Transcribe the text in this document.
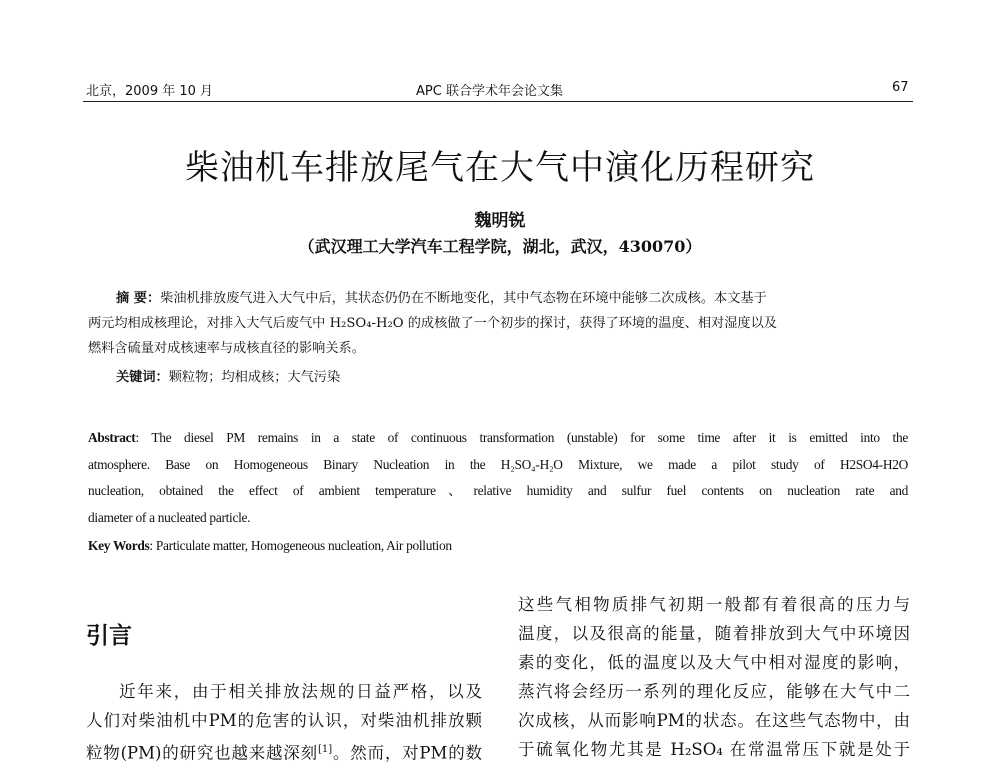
北京，2009 年 10 月	APC 联合学术年会论文集	67
柴油机车排放尾气在大气中演化历程研究
魏明锐
（武汉理工大学汽车工程学院，湖北，武汉，430070）
摘 要：柴油机排放废气进入大气中后，其状态仍仍在不断地变化，其中气态物在环境中能够二次成核。本文基于
两元均相成核理论，对排入大气后废气中 H₂SO₄-H₂O 的成核做了一个初步的探讨，获得了环境的温度、相对湿度以及
燃料含硫量对成核速率与成核直径的影响关系。
关键词：颗粒物；均相成核；大气污染
Abstract: The diesel PM remains in a state of continuous transformation (unstable) for some time after it is emitted into the
atmosphere. Base on Homogeneous Binary Nucleation in the H₂SO₄-H₂O Mixture, we made a pilot study of H2SO4-H2O
nucleation, obtained the effect of ambient temperature、relative humidity and sulfur fuel contents on nucleation rate and
diameter of a nucleated particle.
Key Words: Particulate matter, Homogeneous nucleation, Air pollution
引言
近年来，由于相关排放法规的日益严格，以及
人们对柴油机中PM的危害的认识，对柴油机排放颗
粒物(PM)的研究也越来越深刻[1]。然而，对PM的数
这些气相物质排气初期一般都有着很高的压力与
温度，以及很高的能量，随着排放到大气中环境因
素的变化，低的温度以及大气中相对湿度的影响，
蒸汽将会经历一系列的理化反应，能够在大气中二
次成核，从而影响PM的状态。在这些气态物中，由
于硫氧化物尤其是 H₂SO₄ 在常温常压下就是处于
